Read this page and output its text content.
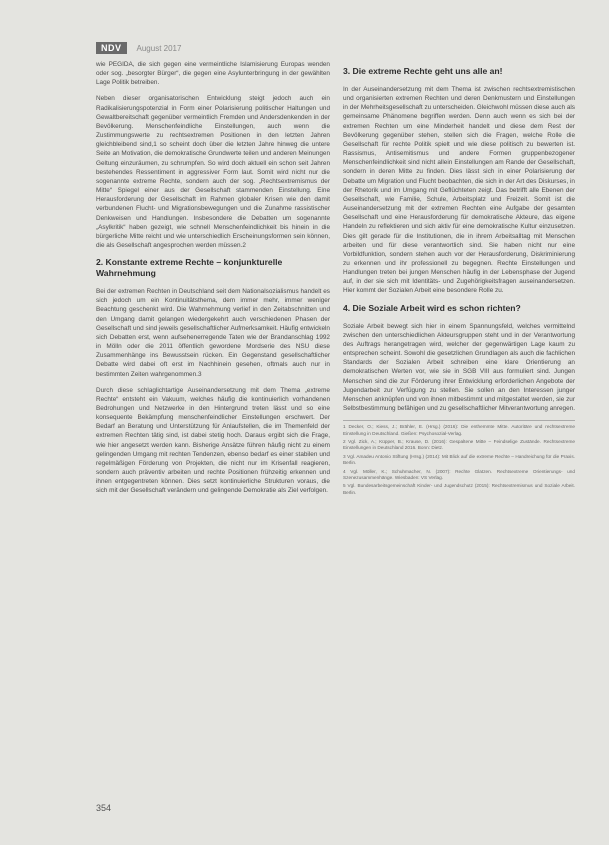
NDV	August 2017

wie PEGIDA, die sich gegen eine vermeintliche Islamisierung Europas wenden oder sog. „besorgter Bürger“, die gegen eine Asylunterbringung in der gewählten Lage Politik betreiben.

Neben dieser organisatorischen Entwicklung steigt jedoch auch ein Radikalisierungspotenzial in Form einer Polarisierung politischer Haltungen und Gewaltbereitschaft gegenüber vermeintlich Fremden und Andersdenkenden in der Bevölkerung. Menschenfeindliche Einstellungen, auch wenn die Zustimmungswerte zu rechtsextremen Positionen in den letzten Jahren gleichbleibend sind,1 so scheint doch über die letzten Jahre hinweg die untere Seite an Motivation, die demokratische Grundwerte teilen und anderen Meinungen Geltung einzuräumen, zu schrumpfen. So wird doch aktuell ein schon seit Jahren bestehendes Ressentiment in aggressiver Form laut. Somit wird nicht nur die sogenannte extreme Rechte, sondern auch der sog. „Rechtsextremismus der Mitte“ Spiegel einer aus der Gesellschaft stammenden Einstellung. Eine Herausforderung der Gesellschaft im Rahmen globaler Krisen wie den damit verbundenen Flucht- und Migrationsbewegungen und die Zunahme rassistischer Denkweisen und Handlungen. Insbesondere die Debatten um sogenannte „Asylkritik“ haben gezeigt, wie schnell Menschenfeindlichkeit bis hinein in die bürgerliche Mitte reicht und wie unterschiedlich Erscheinungsformen sein können, die als Gesellschaft angesprochen werden müssen.2

2. Konstante extreme Rechte – konjunkturelle Wahrnehmung

Bei der extremen Rechten in Deutschland seit dem Nationalsozialismus handelt es sich jedoch um ein Kontinuitätsthema, dem immer mehr, immer weniger Beachtung geschenkt wird. Die Wahrnehmung verlief in den Zeitabschnitten und den Umgang damit gelangen wiedergekehrt auch verschiedenen Phasen der Gesellschaft und sind jeweils gesellschaftlicher Aufmerksamkeit. Häufig entwickeln sich Debatten erst, wenn aufsehenerregende Taten wie der Brandanschlag 1992 in Mölln oder die 2011 öffentlich gewordene Mordserie des NSU diese Zusammenhänge ins Bewusstsein rücken. Ein Gegenstand gesellschaftlicher Debatte wird dabei oft erst im Nachhinein gesehen, oftmals auch nur in bestimmten Zeiten wahrgenommen.3

Durch diese schlaglichtartige Auseinandersetzung mit dem Thema „extreme Rechte“ entsteht ein Vakuum, welches häufig die kontinuierlich vorhandenen Bedrohungen und Netzwerke in den Hintergrund treten lässt und so eine konsequente Bekämpfung menschenfeindlicher Einstellungen erschwert. Der Bedarf an Beratung und Unterstützung für Anlaufstellen, die im Themenfeld der extremen Rechten tätig sind, ist dabei stetig hoch. Daraus ergibt sich die Frage, wie hier angesetzt werden kann. Bisherige Ansätze führen häufig nicht zu einem gelingenden Umgang mit rechten Tendenzen, ebenso bedarf es einer stabilen und regelmäßigen Förderung von Projekten, die nicht nur im Krisenfall reagieren, sondern auch präventiv arbeiten und rechte Positionen frühzeitig erkennen und ihnen entgegentreten können. Dies setzt kontinuierliche Strukturen voraus, die sich mit der Gesellschaft verändern und gelingende Demokratie als Ziel verfolgen.

3. Die extreme Rechte geht uns alle an!

In der Auseinandersetzung mit dem Thema ist zwischen rechtsextremistischen und organisierten extremen Rechten und deren Denkmustern und Einstellungen in der Mehrheitsgesellschaft zu unterscheiden. Gleichwohl müssen diese auch als gemeinsame Phänomene begriffen werden. Denn auch wenn es sich bei der extremen Rechten um eine Minderheit handelt und diese dem Rest der Bevölkerung gegenüber stehen, stellen sich die Fragen, welche Rolle die Gesellschaft für rechte Politik spielt und wie diese politisch zu bewerten ist. Rassismus, Antisemitismus und andere Formen gruppenbezogener Menschenfeindlichkeit sind nicht allein Einstellungen am Rande der Gesellschaft, sondern in deren Mitte zu finden. Dies lässt sich in einer Polarisierung der Debatte um Migration und Flucht beobachten, die sich in der Art des Diskurses, in der Rhetorik und im Umgang mit Geflüchteten zeigt. Das betrifft alle Ebenen der Gesellschaft, wie Familie, Schule, Arbeitsplatz und Freizeit. Somit ist die Auseinandersetzung mit der extremen Rechten eine Aufgabe der gesamten Gesellschaft und eine Herausforderung für demokratische Akteure, das eigene Handeln zu reflektieren und sich aktiv für eine demokratische Kultur einzusetzen. Dies gilt gerade für die Institutionen, die in ihrem Arbeitsalltag mit Menschen arbeiten und für diese verantwortlich sind. Sie haben nicht nur eine Vorbildfunktion, sondern stehen auch vor der Herausforderung, Diskriminierung zu erkennen und ihr professionell zu begegnen. Rechte Einstellungen und Handlungen treten bei jungen Menschen häufig in der Lebensphase der Jugend auf, in der sie sich mit Identitäts- und Zugehörigkeitsfragen auseinandersetzen. Hier kommt der Sozialen Arbeit eine besondere Rolle zu.

4. Die Soziale Arbeit wird es schon richten?

Soziale Arbeit bewegt sich hier in einem Spannungsfeld, welches vermittelnd zwischen den unterschiedlichen Akteursgruppen steht und in der Verantwortung des Auftrags herangetragen wird, welcher der gegenwärtigen Lage kaum zu entsprechen scheint. Sowohl die gesetzlichen Grundlagen als auch die fachlichen Standards der Sozialen Arbeit schreiben eine klare Orientierung an demokratischen Werten vor, wie sie in SGB VIII aus formuliert sind. Jungen Menschen sind die zur Förderung ihrer Entwicklung erforderlichen Angebote der Jugendarbeit zur Verfügung zu stellen. Sie sollen an den Interessen junger Menschen anknüpfen und von ihnen mitbestimmt und mitgestaltet werden, sie zur Selbstbestimmung befähigen und zu gesellschaftlicher Mitverantwortung anregen.

1 Decker, O.; Kiess, J.; Brähler, E. (Hrsg.) (2016): Die enthemmte Mitte. Autoritäre und rechtsextreme Einstellung in Deutschland. Gießen: Psychosozial-Verlag.

2 Vgl. Zick, A.; Küpper, B.; Krause, D. (2016): Gespaltene Mitte – Feindselige Zustände. Rechtsextreme Einstellungen in Deutschland 2016. Bonn: Dietz.

3 Vgl. Amadeu Antonio Stiftung (Hrsg.) (2014): Mit Blick auf die extreme Rechte – Handreichung für die Praxis. Berlin.

4 Vgl. Möller, K.; Schuhmacher, N. (2007): Rechte Glatzen. Rechtsextreme Orientierungs- und Szenezusammenhänge. Wiesbaden: VS Verlag.

5 Vgl. Bundesarbeitsgemeinschaft Kinder- und Jugendschutz (2015): Rechtsextremismus und Soziale Arbeit. Berlin.

354
